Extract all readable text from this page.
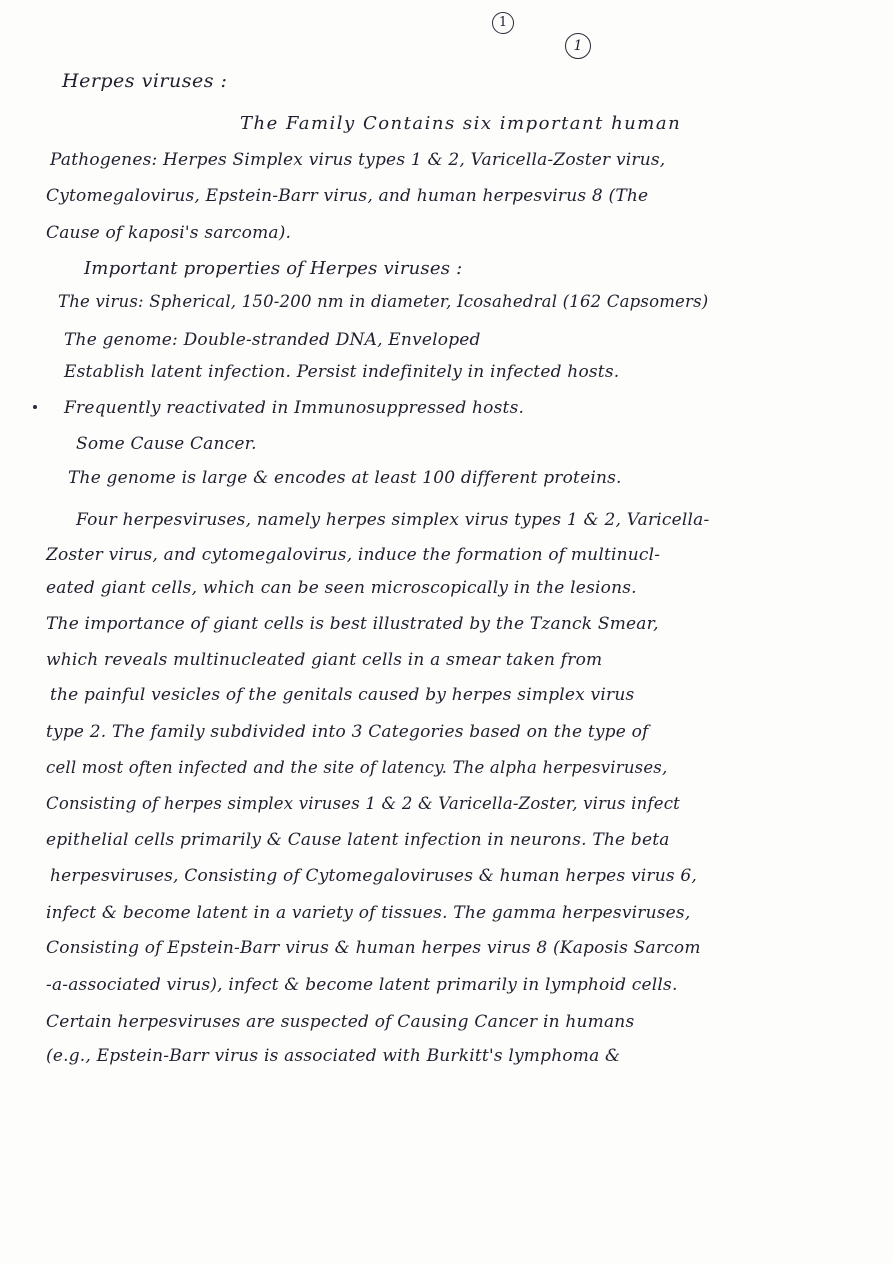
1
1
Herpes viruses :
The Family Contains six important human
Pathogenes: Herpes Simplex virus types 1 & 2, Varicella-Zoster virus,
Cytomegalovirus, Epstein-Barr virus, and human herpesvirus 8 (The
Cause of kaposi's sarcoma).
Important properties of Herpes viruses :
The virus: Spherical, 150-200 nm in diameter, Icosahedral (162 Capsomers)
The genome: Double-stranded DNA, Enveloped
Establish latent infection. Persist indefinitely in infected hosts.
Frequently reactivated in Immunosuppressed hosts.
Some Cause Cancer.
The genome is large & encodes at least 100 different proteins.
Four herpesviruses, namely herpes simplex virus types 1 & 2, Varicella-
Zoster virus, and cytomegalovirus, induce the formation of multinucl-
eated giant cells, which can be seen microscopically in the lesions.
The importance of giant cells is best illustrated by the Tzanck Smear,
which reveals multinucleated giant cells in a smear taken from
the painful vesicles of the genitals caused by herpes simplex virus
type 2. The family subdivided into 3 Categories based on the type of
cell most often infected and the site of latency. The alpha herpesviruses,
Consisting of herpes simplex viruses 1 & 2 & Varicella-Zoster, virus infect
epithelial cells primarily & Cause latent infection in neurons. The beta
herpesviruses, Consisting of Cytomegaloviruses & human herpes virus 6,
infect & become latent in a variety of tissues. The gamma herpesviruses,
Consisting of Epstein-Barr virus & human herpes virus 8 (Kaposis Sarcom
-a-associated virus), infect & become latent primarily in lymphoid cells.
Certain herpesviruses are suspected of Causing Cancer in humans
(e.g., Epstein-Barr virus is associated with Burkitt's lymphoma &
